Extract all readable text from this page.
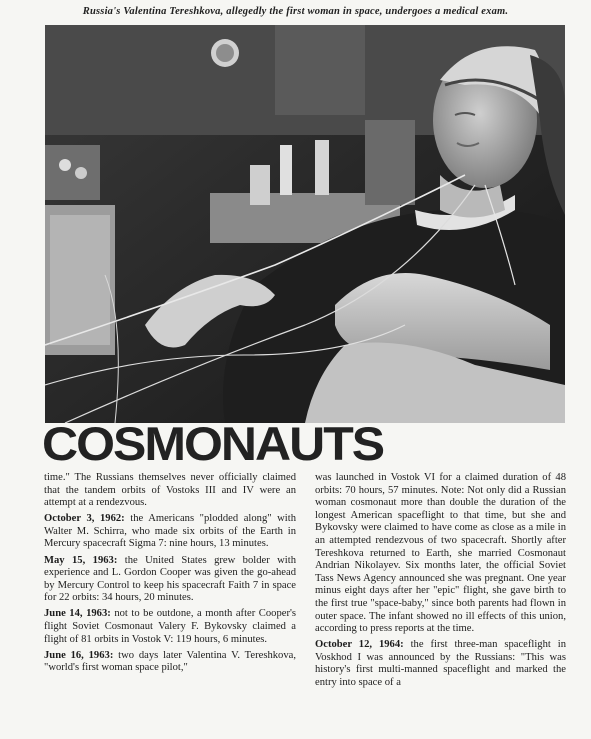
Russia's Valentina Tereshkova, allegedly the first woman in space, undergoes a medical exam.
COSMONAUTS

time." The Russians themselves never officially claimed that the tandem orbits of Vostoks III and IV were an attempt at a rendezvous.

October 3, 1962: the Americans "plodded along" with Walter M. Schirra, who made six orbits of the Earth in Mercury spacecraft Sigma 7: nine hours, 13 minutes.

May 15, 1963: the United States grew bolder with experience and L. Gordon Cooper was given the go-ahead by Mercury Control to keep his spacecraft Faith 7 in space for 22 orbits: 34 hours, 20 minutes.

June 14, 1963: not to be outdone, a month after Cooper's flight Soviet Cosmonaut Valery F. Bykovsky claimed a flight of 81 orbits in Vostok V: 119 hours, 6 minutes.

June 16, 1963: two days later Valentina V. Tereshkova, "world's first woman space pilot,"

was launched in Vostok VI for a claimed duration of 48 orbits: 70 hours, 57 minutes. Note: Not only did a Russian woman cosmonaut more than double the duration of the longest American spaceflight to that time, but she and Bykovsky were claimed to have come as close as a mile in an attempted rendezvous of two spacecraft. Shortly after Tereshkova returned to Earth, she married Cosmonaut Andrian Nikolayev. Six months later, the official Soviet Tass News Agency announced she was pregnant. One year minus eight days after her "epic" flight, she gave birth to the first true "space-baby," since both parents had flown in outer space. The infant showed no ill effects of this union, according to press reports at the time.

October 12, 1964: the first three-man spaceflight in Voskhod I was announced by the Russians: "This was history's first multi-manned spaceflight and marked the entry into space of a
